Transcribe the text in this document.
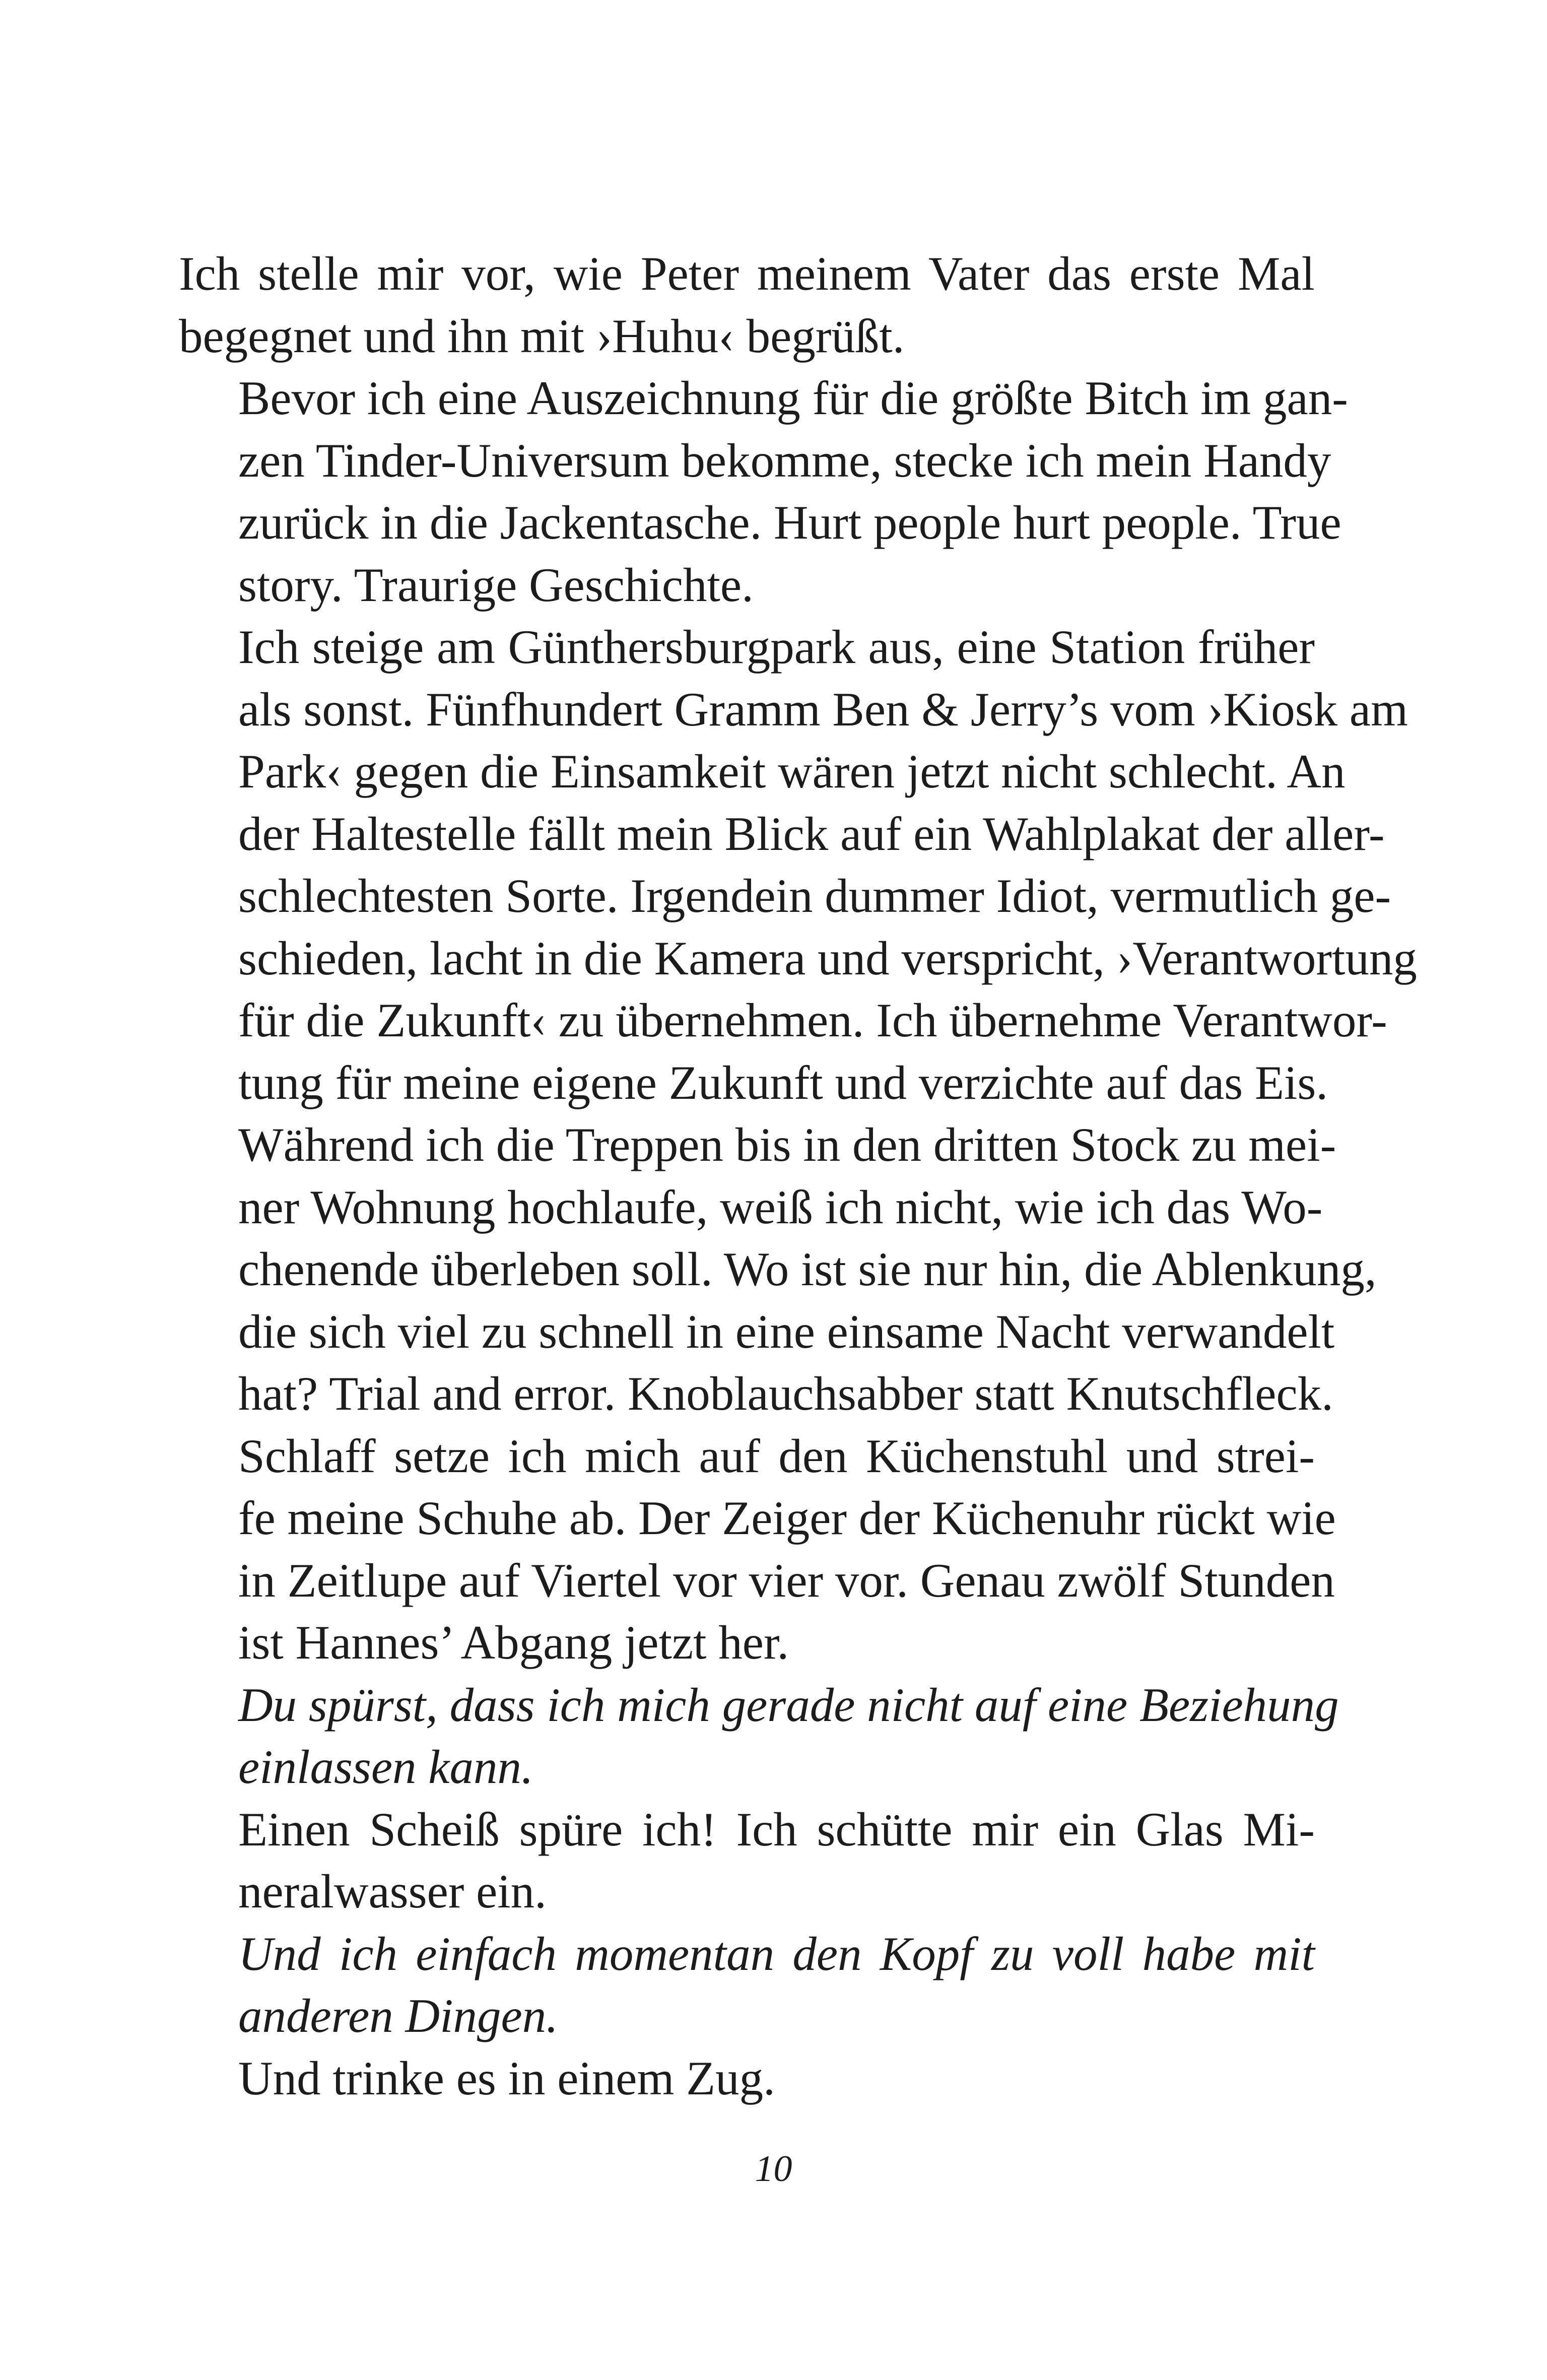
Ich stelle mir vor, wie Peter meinem Vater das erste Mal
begegnet und ihn mit ›Huhu‹ begrüßt.
Bevor ich eine Auszeichnung für die größte Bitch im gan-
zen Tinder-Universum bekomme, stecke ich mein Handy
zurück in die Jackentasche. Hurt people hurt people. True
story. Traurige Geschichte.
Ich steige am Günthersburgpark aus, eine Station früher
als sonst. Fünfhundert Gramm Ben & Jerry’s vom ›Kiosk am
Park‹ gegen die Einsamkeit wären jetzt nicht schlecht. An
der Haltestelle fällt mein Blick auf ein Wahlplakat der aller-
schlechtesten Sorte. Irgendein dummer Idiot, vermutlich ge-
schieden, lacht in die Kamera und verspricht, ›Verantwortung
für die Zukunft‹ zu übernehmen. Ich übernehme Verantwor-
tung für meine eigene Zukunft und verzichte auf das Eis.
Während ich die Treppen bis in den dritten Stock zu mei-
ner Wohnung hochlaufe, weiß ich nicht, wie ich das Wo-
chenende überleben soll. Wo ist sie nur hin, die Ablenkung,
die sich viel zu schnell in eine einsame Nacht verwandelt
hat? Trial and error. Knoblauchsabber statt Knutschfleck.
Schlaff setze ich mich auf den Küchenstuhl und strei-
fe meine Schuhe ab. Der Zeiger der Küchenuhr rückt wie
in Zeitlupe auf Viertel vor vier vor. Genau zwölf Stunden
ist Hannes’ Abgang jetzt her.
Du spürst, dass ich mich gerade nicht auf eine Beziehung
einlassen kann.
Einen Scheiß spüre ich! Ich schütte mir ein Glas Mi-
neralwasser ein.
Und ich einfach momentan den Kopf zu voll habe mit
anderen Dingen.
Und trinke es in einem Zug.
10
